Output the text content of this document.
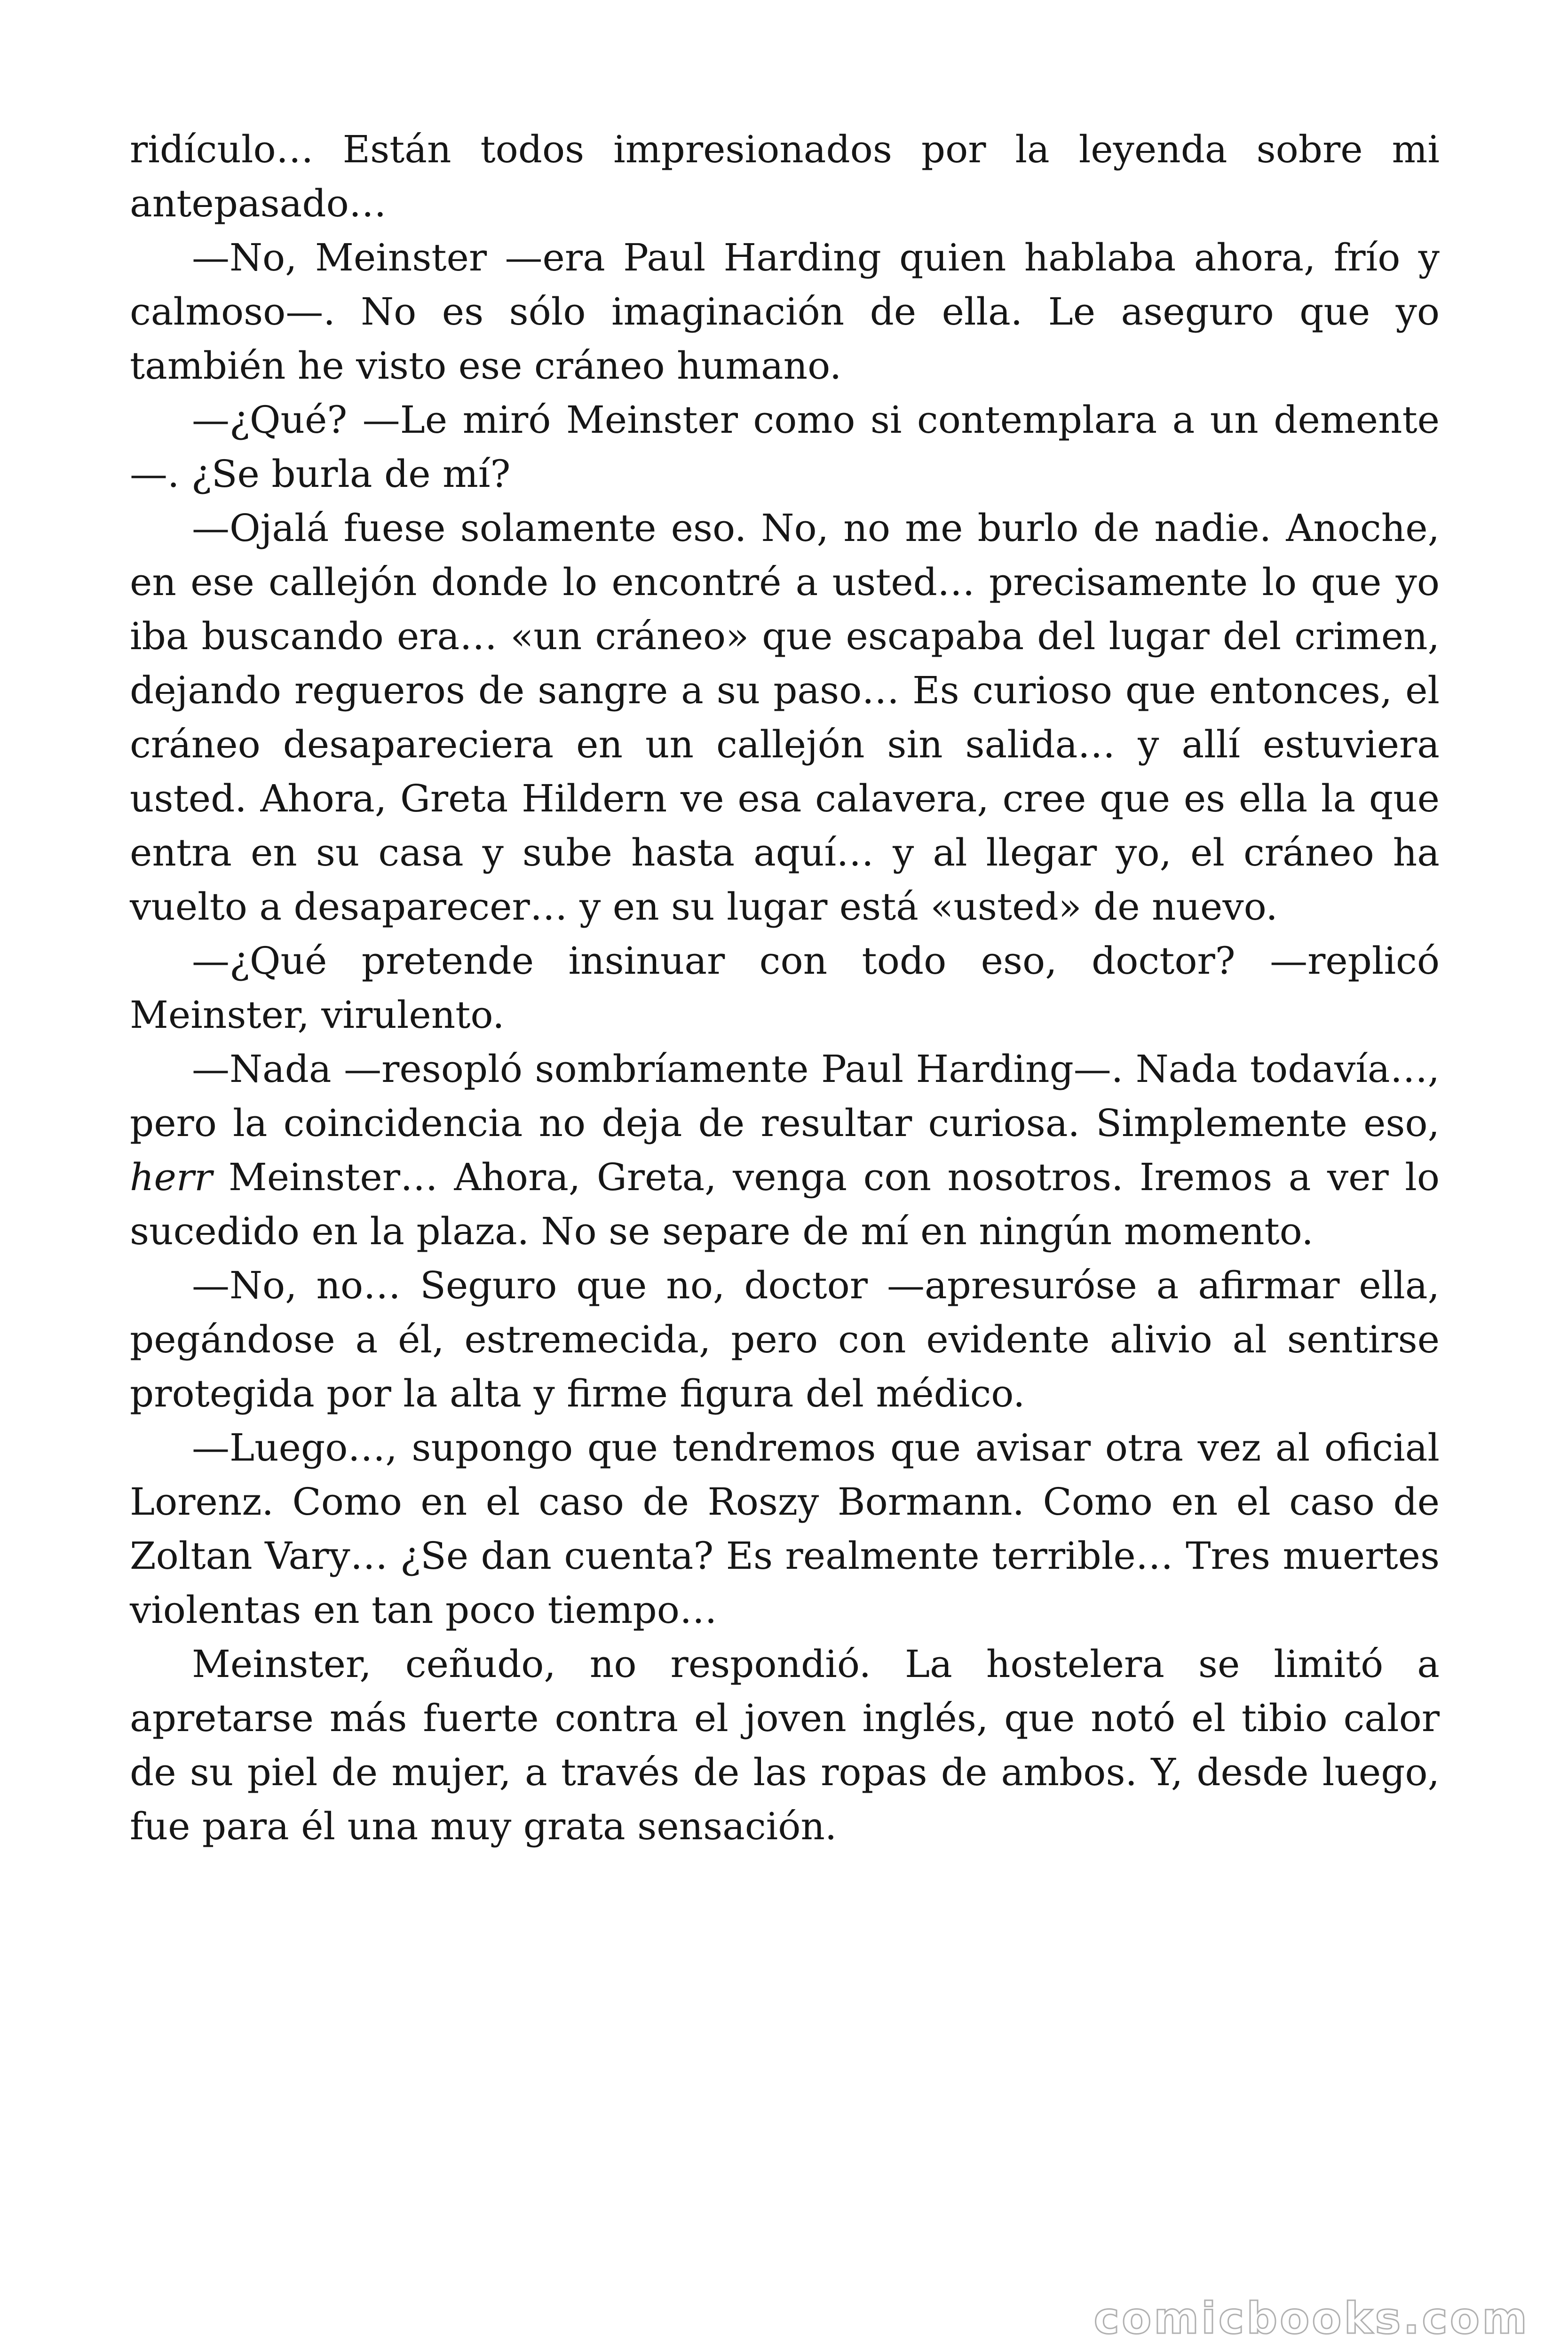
ridículo… Están todos impresionados por la leyenda sobre mi antepasado…

—No, Meinster —era Paul Harding quien hablaba ahora, frío y calmoso—. No es sólo imaginación de ella. Le aseguro que yo también he visto ese cráneo humano.

—¿Qué? —Le miró Meinster como si contemplara a un demente—. ¿Se burla de mí?

—Ojalá fuese solamente eso. No, no me burlo de nadie. Anoche, en ese callejón donde lo encontré a usted… precisamente lo que yo iba buscando era… «un cráneo» que escapaba del lugar del crimen, dejando regueros de sangre a su paso… Es curioso que entonces, el cráneo desapareciera en un callejón sin salida… y allí estuviera usted. Ahora, Greta Hildern ve esa calavera, cree que es ella la que entra en su casa y sube hasta aquí… y al llegar yo, el cráneo ha vuelto a desaparecer… y en su lugar está «usted» de nuevo.

—¿Qué pretende insinuar con todo eso, doctor? —replicó Meinster, virulento.

—Nada —resopló sombríamente Paul Harding—. Nada todavía…, pero la coincidencia no deja de resultar curiosa. Simplemente eso, herr Meinster… Ahora, Greta, venga con nosotros. Iremos a ver lo sucedido en la plaza. No se separe de mí en ningún momento.

—No, no… Seguro que no, doctor —apresuróse a afirmar ella, pegándose a él, estremecida, pero con evidente alivio al sentirse protegida por la alta y firme figura del médico.

—Luego…, supongo que tendremos que avisar otra vez al oficial Lorenz. Como en el caso de Roszy Bormann. Como en el caso de Zoltan Vary… ¿Se dan cuenta? Es realmente terrible… Tres muertes violentas en tan poco tiempo…

Meinster, ceñudo, no respondió. La hostelera se limitó a apretarse más fuerte contra el joven inglés, que notó el tibio calor de su piel de mujer, a través de las ropas de ambos. Y, desde luego, fue para él una muy grata sensación.

comicbooks.com
